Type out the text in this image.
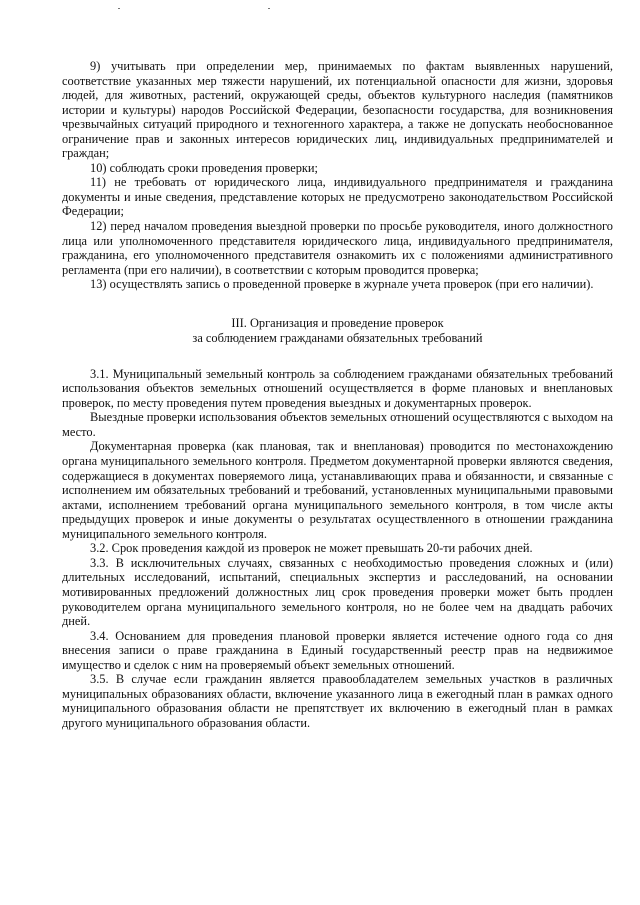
9) учитывать при определении мер, принимаемых по фактам выявленных нарушений, соответствие указанных мер тяжести нарушений, их потенциальной опасности для жизни, здоровья людей, для животных, растений, окружающей среды, объектов культурного наследия (памятников истории и культуры) народов Российской Федерации, безопасности государства, для возникновения чрезвычайных ситуаций природного и техногенного характера, а также не допускать необоснованное ограничение прав и законных интересов юридических лиц, индивидуальных предпринимателей и граждан;

10) соблюдать сроки проведения проверки;

11) не требовать от юридического лица, индивидуального предпринимателя и гражданина документы и иные сведения, представление которых не предусмотрено законодательством Российской Федерации;

12) перед началом проведения выездной проверки по просьбе руководителя, иного должностного лица или уполномоченного представителя юридического лица, индивидуального предпринимателя, гражданина, его уполномоченного представителя ознакомить их с положениями административного регламента (при его наличии), в соответствии с которым проводится проверка;

13) осуществлять запись о проведенной проверке в журнале учета проверок (при его наличии).

III. Организация и проведение проверок
за соблюдением гражданами обязательных требований

3.1. Муниципальный земельный контроль за соблюдением гражданами обязательных требований использования объектов земельных отношений осуществляется в форме плановых и внеплановых проверок, по месту проведения путем проведения выездных и документарных проверок.

Выездные проверки использования объектов земельных отношений осуществляются с выходом на место.

Документарная проверка (как плановая, так и внеплановая) проводится по местонахождению органа муниципального земельного контроля. Предметом документарной проверки являются сведения, содержащиеся в документах поверяемого лица, устанавливающих права и обязанности, и связанные с исполнением им обязательных требований и требований, установленных муниципальными правовыми актами, исполнением требований органа муниципального земельного контроля, в том числе акты предыдущих проверок и иные документы о результатах осуществленного в отношении гражданина муниципального земельного контроля.

3.2. Срок проведения каждой из проверок не может превышать 20-ти рабочих дней.

3.3. В исключительных случаях, связанных с необходимостью проведения сложных и (или) длительных исследований, испытаний, специальных экспертиз и расследований, на основании мотивированных предложений должностных лиц срок проведения проверки может быть продлен руководителем органа муниципального земельного контроля, но не более чем на двадцать рабочих дней.

3.4. Основанием для проведения плановой проверки является истечение одного года со дня внесения записи о праве гражданина в Единый государственный реестр прав на недвижимое имущество и сделок с ним на проверяемый объект земельных отношений.

3.5. В случае если гражданин является правообладателем земельных участков в различных муниципальных образованиях области, включение указанного лица в ежегодный план в рамках одного муниципального образования области не препятствует их включению в ежегодный план в рамках другого муниципального образования области.
